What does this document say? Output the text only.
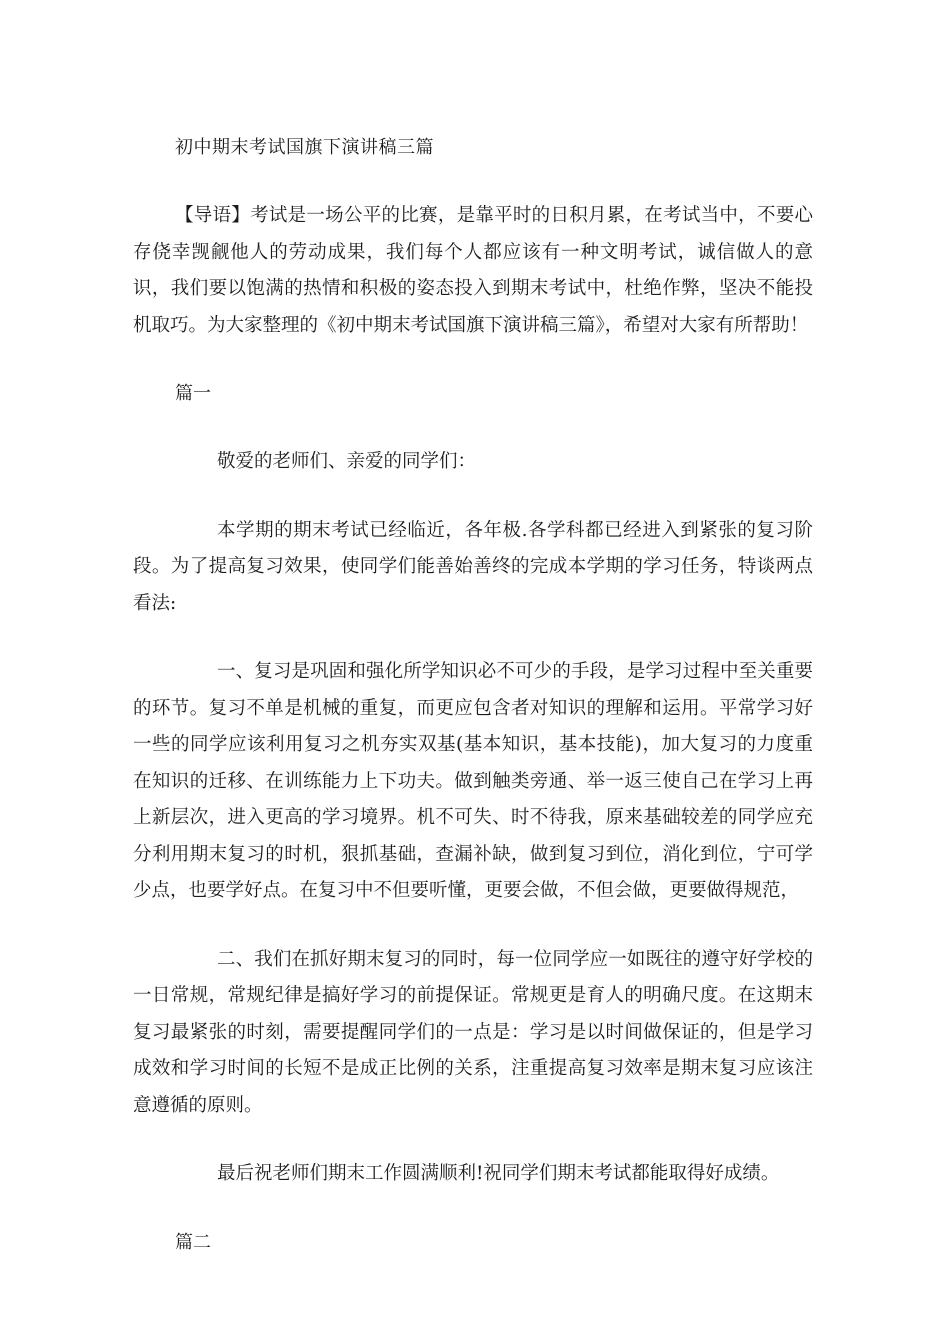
初中期末考试国旗下演讲稿三篇

【导语】考试是一场公平的比赛，是靠平时的日积月累，在考试当中，不要心存侥幸觊觎他人的劳动成果，我们每个人都应该有一种文明考试，诚信做人的意识，我们要以饱满的热情和积极的姿态投入到期末考试中，杜绝作弊，坚决不能投机取巧。为大家整理的《初中期末考试国旗下演讲稿三篇》，希望对大家有所帮助！

篇一

敬爱的老师们、亲爱的同学们：

本学期的期末考试已经临近，各年极.各学科都已经进入到紧张的复习阶段。为了提高复习效果，使同学们能善始善终的完成本学期的学习任务，特谈两点看法:

一、复习是巩固和强化所学知识必不可少的手段，是学习过程中至关重要的环节。复习不单是机械的重复，而更应包含者对知识的理解和运用。平常学习好一些的同学应该利用复习之机夯实双基(基本知识，基本技能)，加大复习的力度重在知识的迁移、在训练能力上下功夫。做到触类旁通、举一返三使自己在学习上再上新层次，进入更高的学习境界。机不可失、时不待我，原来基础较差的同学应充分利用期末复习的时机，狠抓基础，查漏补缺，做到复习到位，消化到位，宁可学少点，也要学好点。在复习中不但要听懂，更要会做，不但会做，更要做得规范，

二、我们在抓好期末复习的同时，每一位同学应一如既往的遵守好学校的一日常规，常规纪律是搞好学习的前提保证。常规更是育人的明确尺度。在这期末复习最紧张的时刻，需要提醒同学们的一点是：学习是以时间做保证的，但是学习成效和学习时间的长短不是成正比例的关系，注重提高复习效率是期末复习应该注意遵循的原则。

最后祝老师们期末工作圆满顺利!祝同学们期末考试都能取得好成绩。

篇二
